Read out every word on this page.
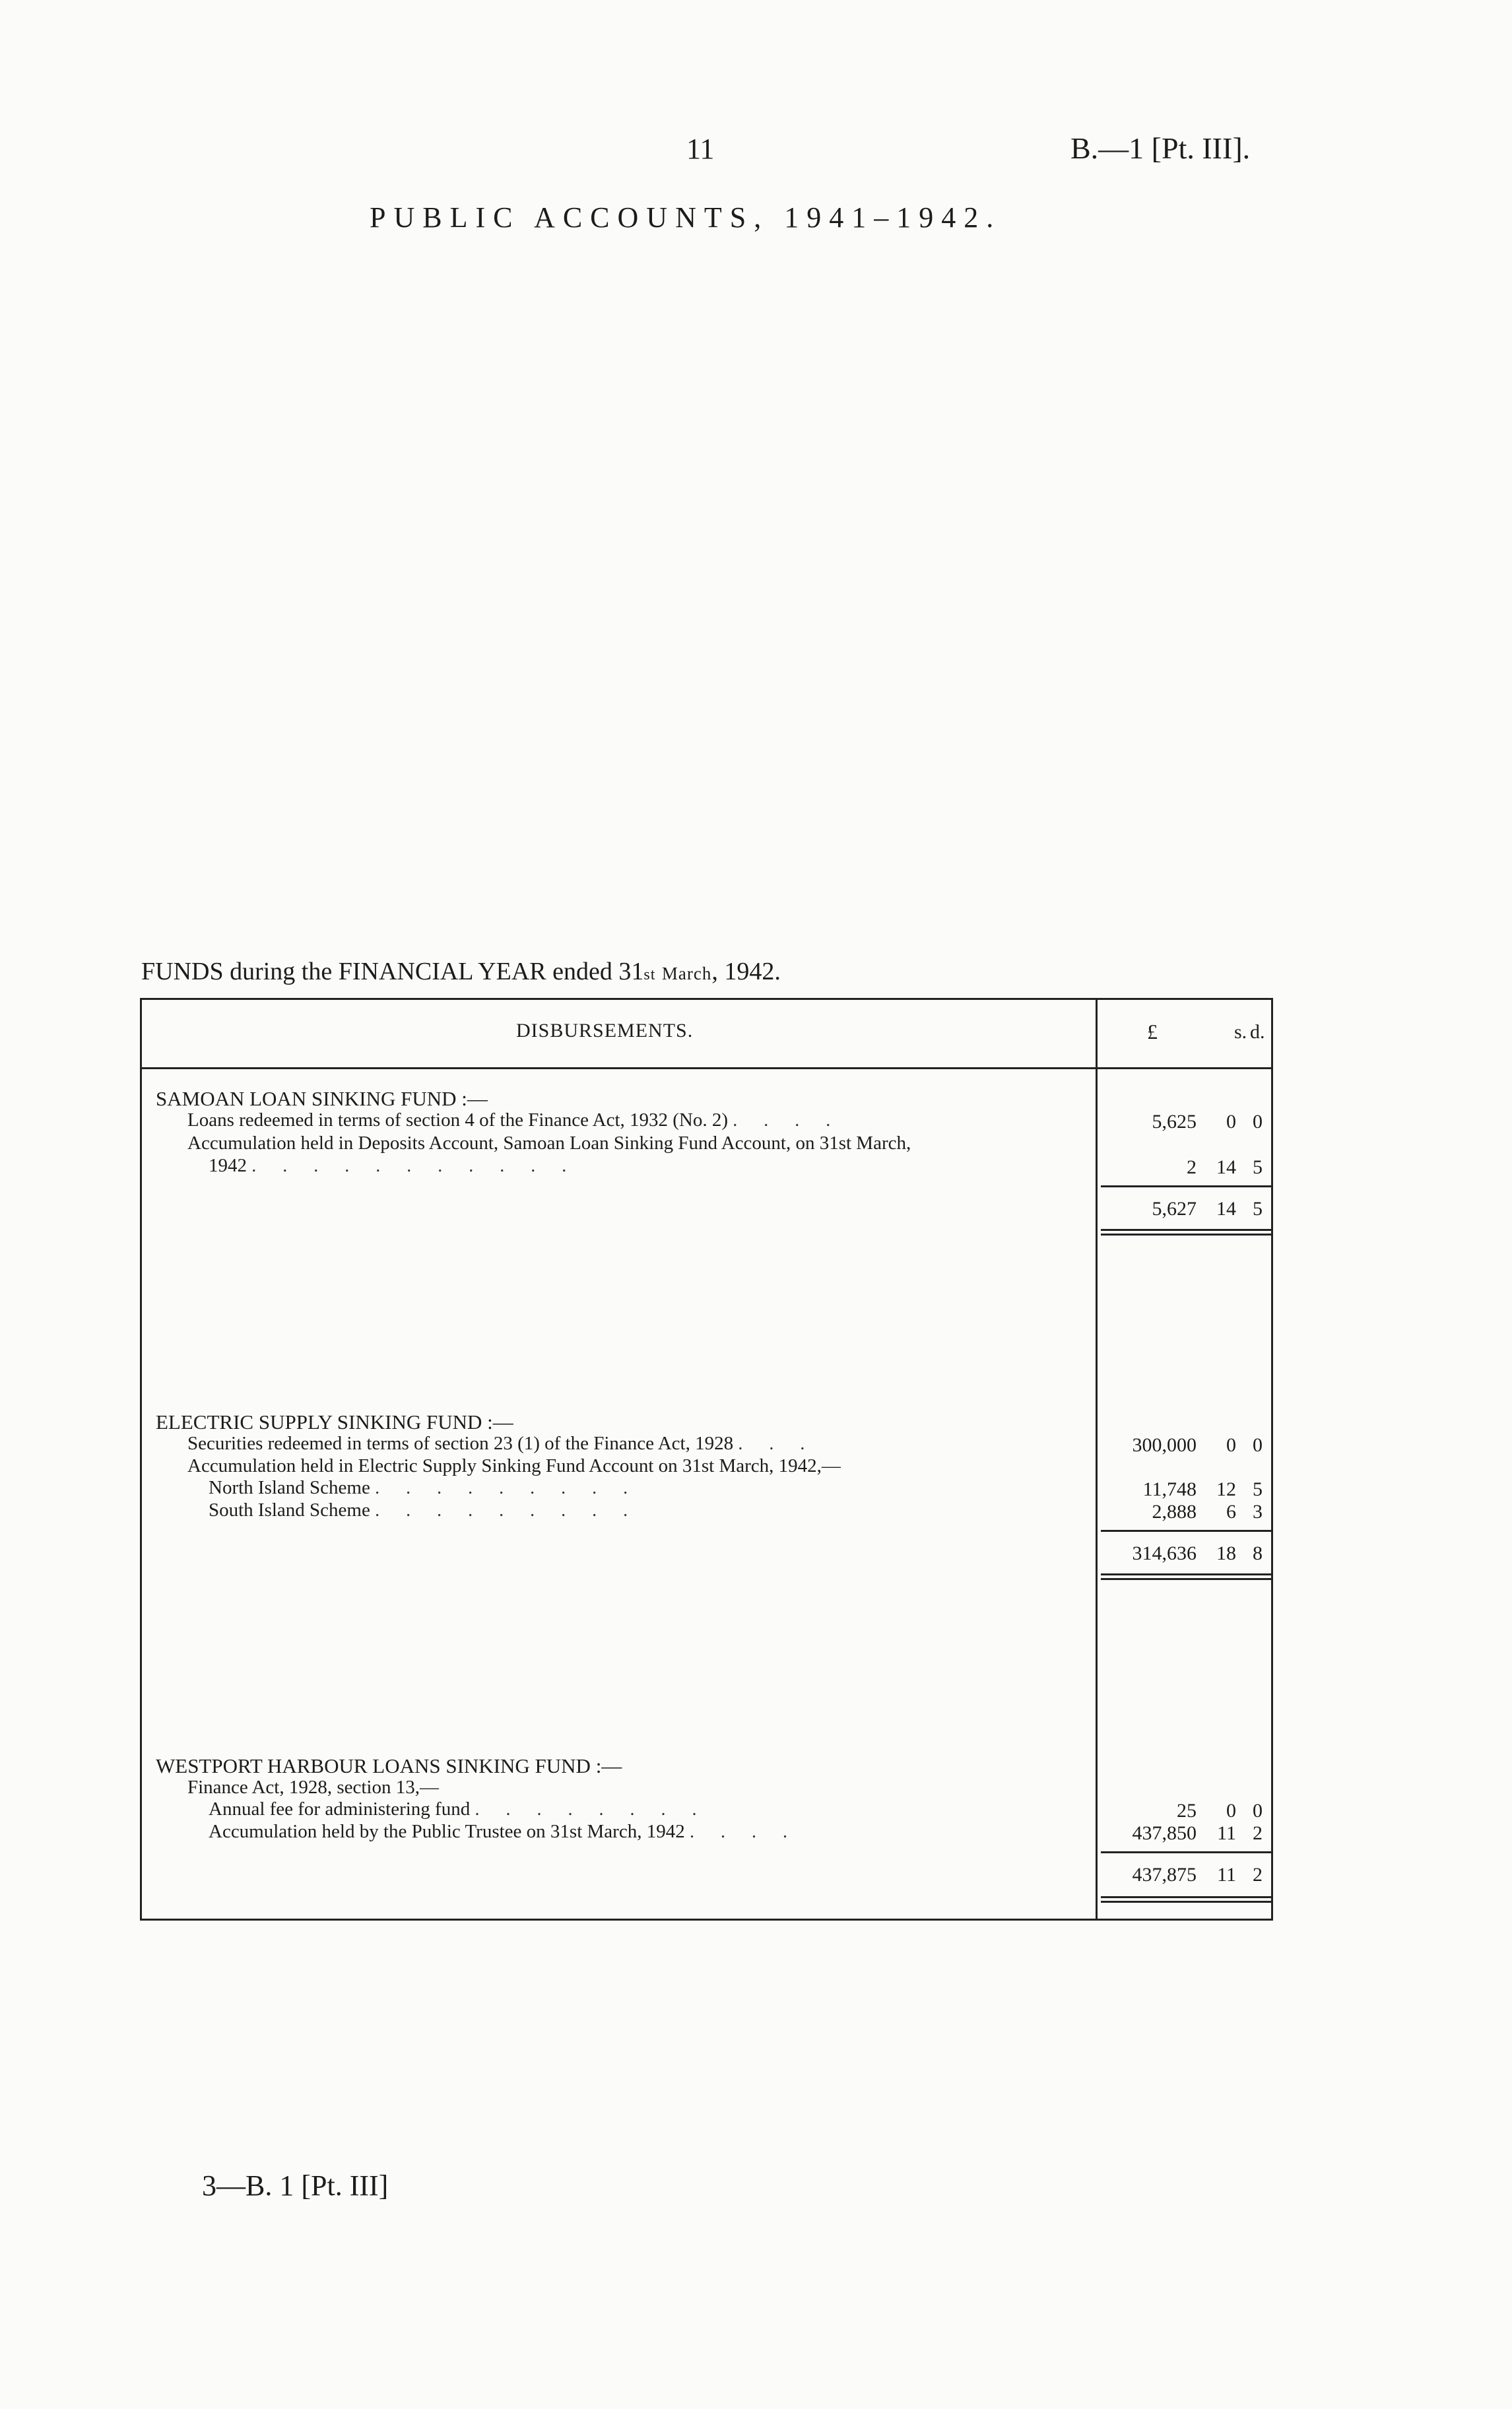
11	B.—1 [Pt. III].
PUBLIC ACCOUNTS, 1941–1942.
FUNDS during the FINANCIAL YEAR ended 31st March, 1942.
DISBURSEMENTS.	£	s. d.
SAMOAN LOAN SINKING FUND :—
Loans redeemed in terms of section 4 of the Finance Act, 1932 (No. 2) ....	5,625 0 0
Accumulation held in Deposits Account, Samoan Loan Sinking Fund Account, on 31st March,
1942 ...........	2 14 5
5,627 14 5
ELECTRIC SUPPLY SINKING FUND :—
Securities redeemed in terms of section 23 (1) of the Finance Act, 1928 ...	300,000 0 0
Accumulation held in Electric Supply Sinking Fund Account on 31st March, 1942,—
North Island Scheme .........	11,748 12 5
South Island Scheme .........	2,888 6 3
314,636 18 8
WESTPORT HARBOUR LOANS SINKING FUND :—
Finance Act, 1928, section 13,—
Annual fee for administering fund ........	25 0 0
Accumulation held by the Public Trustee on 31st March, 1942 ....	437,850 11 2
437,875 11 2
3—B. 1 [Pt. III]
